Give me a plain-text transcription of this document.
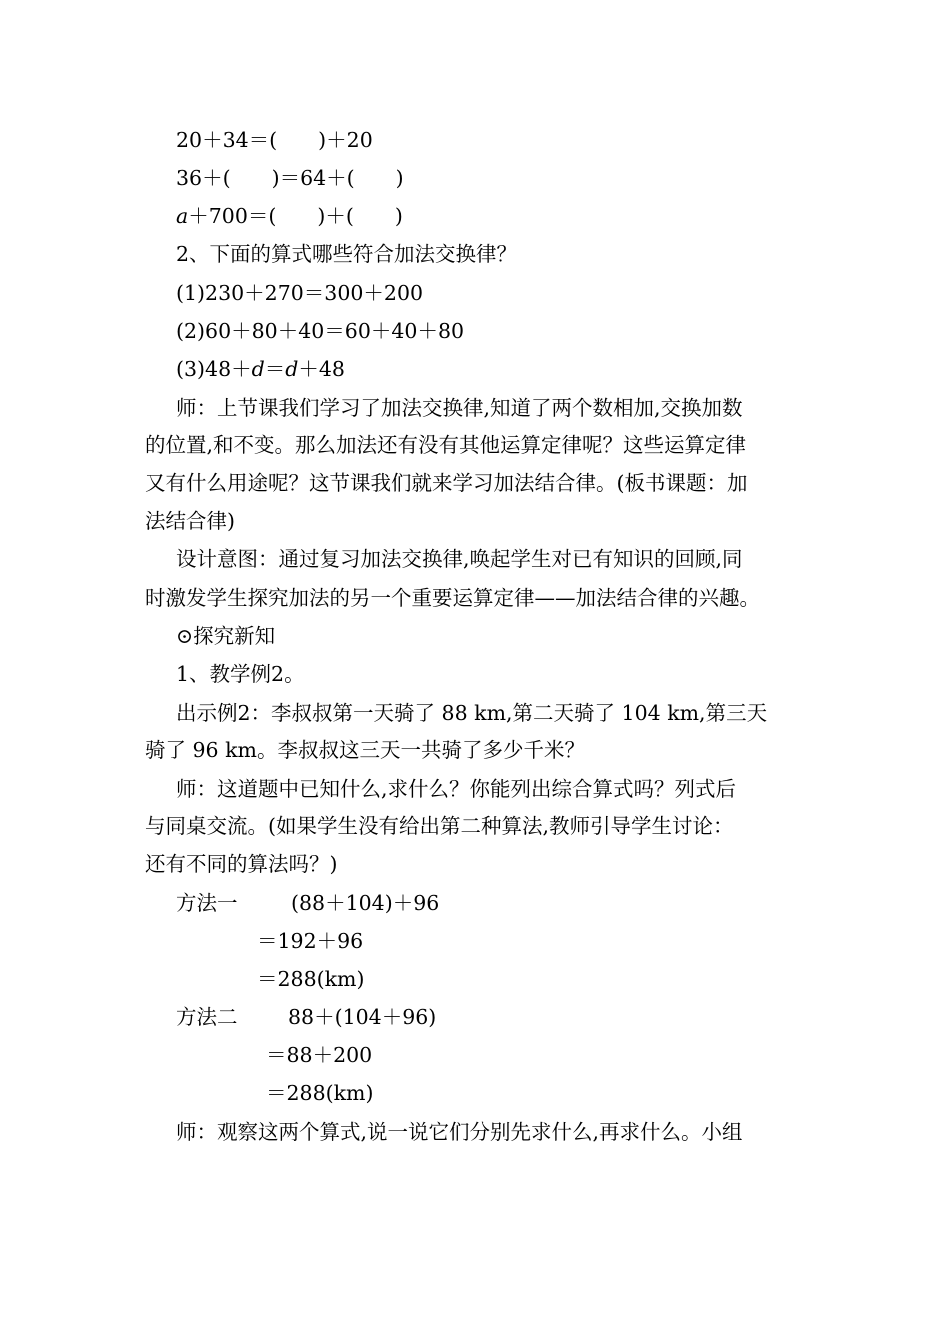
20＋34＝(　　)＋20
36＋(　　)＝64＋(　　)
a＋700＝(　　)＋(　　)
2、下面的算式哪些符合加法交换律？
(1)230＋270＝300＋200
(2)60＋80＋40＝60＋40＋80
(3)48＋d＝d＋48
师：上节课我们学习了加法交换律,知道了两个数相加,交换加数
的位置,和不变。那么加法还有没有其他运算定律呢？这些运算定律
又有什么用途呢？这节课我们就来学习加法结合律。(板书课题：加
法结合律)
设计意图：通过复习加法交换律,唤起学生对已有知识的回顾,同
时激发学生探究加法的另一个重要运算定律——加法结合律的兴趣。
⊙探究新知
1、教学例2。
出示例2：李叔叔第一天骑了 88 km,第二天骑了 104 km,第三天
骑了 96 km。李叔叔这三天一共骑了多少千米？
师：这道题中已知什么,求什么？你能列出综合算式吗？列式后
与同桌交流。(如果学生没有给出第二种算法,教师引导学生讨论：
还有不同的算法吗？)
方法一	(88＋104)＋96
＝192＋96
＝288(km)
方法二 88＋(104＋96)
＝88＋200
＝288(km)
师：观察这两个算式,说一说它们分别先求什么,再求什么。小组
